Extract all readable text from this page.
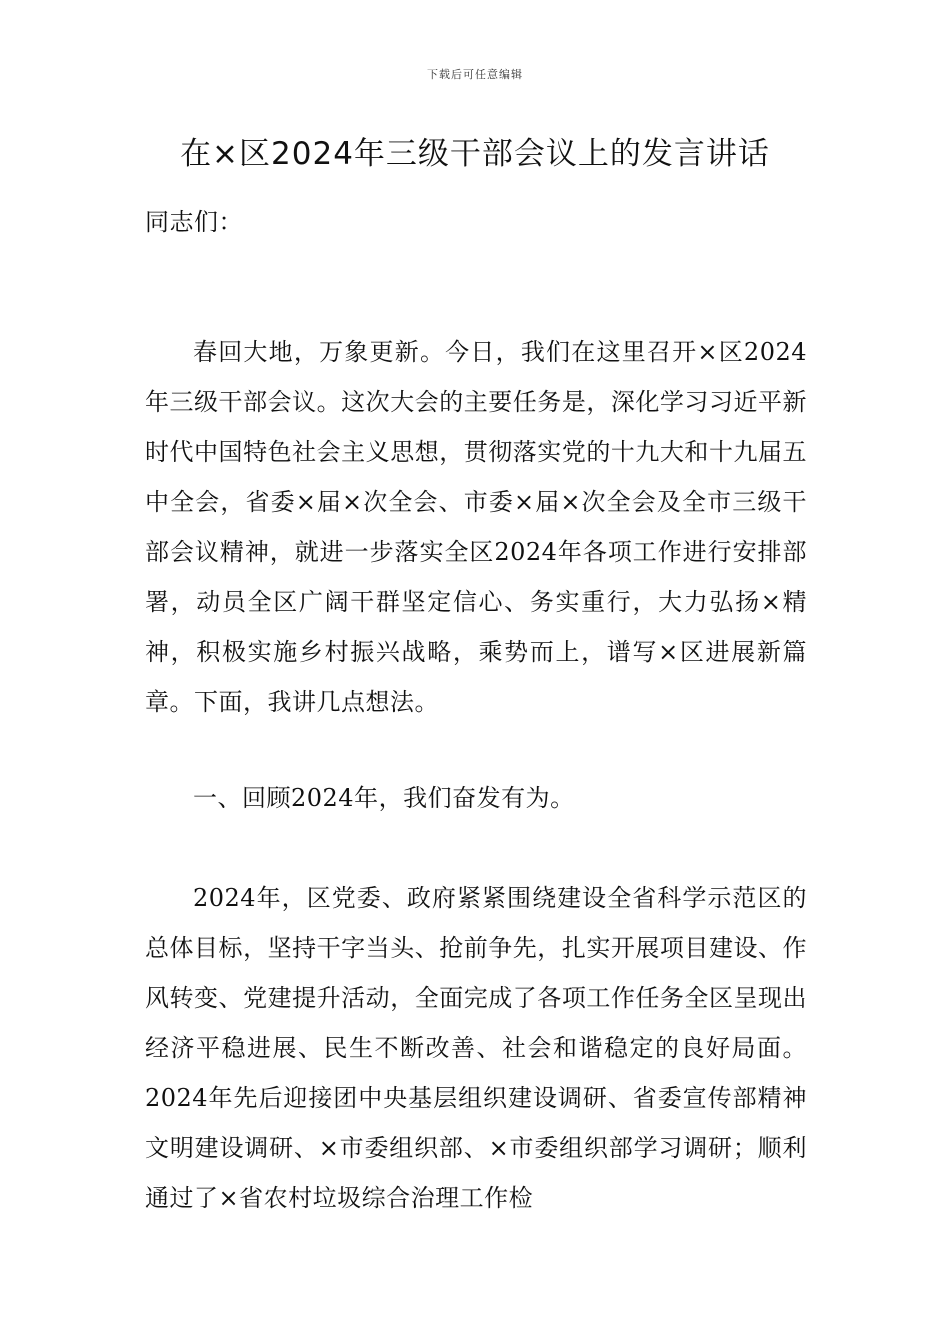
下载后可任意编辑
在×区2024年三级干部会议上的发言讲话

同志们：

春回大地，万象更新。今日，我们在这里召开×区2024年三级干部会议。这次大会的主要任务是，深化学习习近平新时代中国特色社会主义思想，贯彻落实党的十九大和十九届五中全会，省委×届×次全会、市委×届×次全会及全市三级干部会议精神，就进一步落实全区2024年各项工作进行安排部署，动员全区广阔干群坚定信心、务实重行，大力弘扬×精神，积极实施乡村振兴战略，乘势而上，谱写×区进展新篇章。下面，我讲几点想法。

一、回顾2024年，我们奋发有为。

2024年，区党委、政府紧紧围绕建设全省科学示范区的总体目标，坚持干字当头、抢前争先，扎实开展项目建设、作风转变、党建提升活动，全面完成了各项工作任务全区呈现出经济平稳进展、民生不断改善、社会和谐稳定的良好局面。2024年先后迎接团中央基层组织建设调研、省委宣传部精神文明建设调研、×市委组织部、×市委组织部学习调研；顺利通过了×省农村垃圾综合治理工作检
